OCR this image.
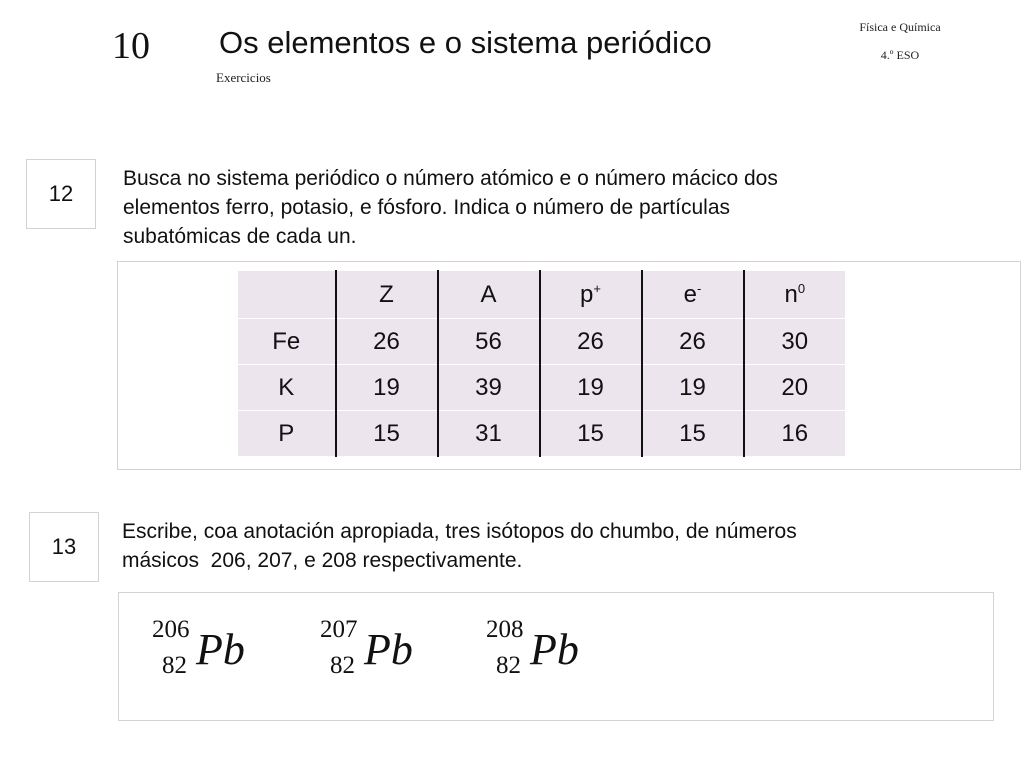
10 Os elementos e o sistema periódico
Exercicios
Física e Química
4.º ESO
12
Busca no sistema periódico o número atómico e o número mácico dos
elementos ferro, potasio, e fósforo. Indica o número de partículas
subatómicas de cada un.
	Z	A	p+	e-	$n^0$
Fe	26	56	26	26	30
K	19	39	19	19	20
P	15	31	15	15	16
13
Escribe, coa anotación apropiada, tres isótopos do chumbo, de números
másicos  206, 207, e 208 respectivamente.
206
82 Pb	207
82 Pb	208
82 Pb
